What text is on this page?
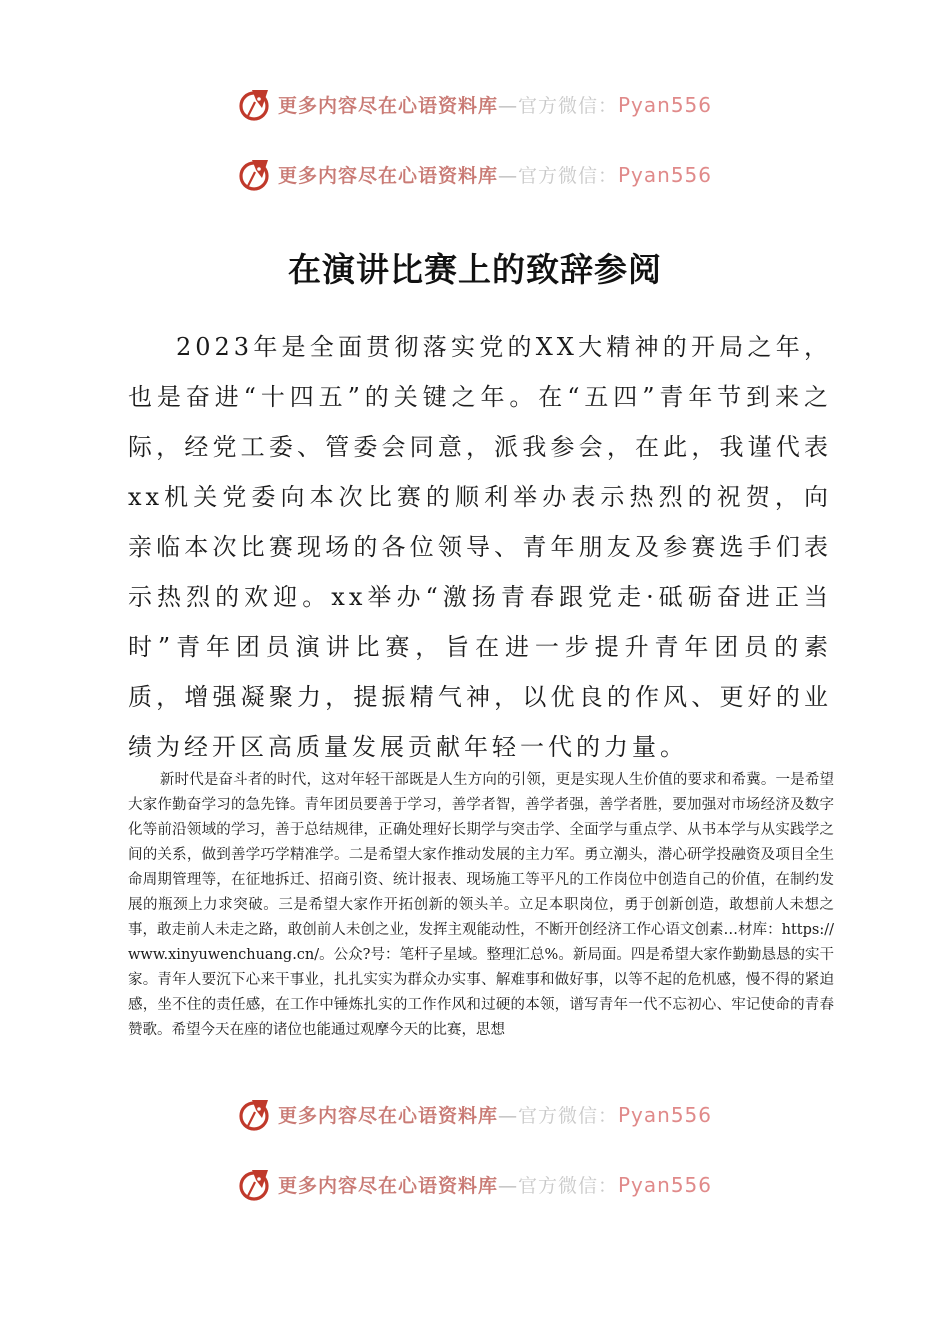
更多内容尽在心语资料库—官方微信：Pyan556
更多内容尽在心语资料库—官方微信：Pyan556
在演讲比赛上的致辞参阅

2023年是全面贯彻落实党的XX大精神的开局之年，也是奋进“十四五”的关键之年。在“五四”青年节到来之际，经党工委、管委会同意，派我参会，在此，我谨代表xx机关党委向本次比赛的顺利举办表示热烈的祝贺，向亲临本次比赛现场的各位领导、青年朋友及参赛选手们表示热烈的欢迎。xx举办“激扬青春跟党走·砥砺奋进正当时”青年团员演讲比赛，旨在进一步提升青年团员的素质，增强凝聚力，提振精气神，以优良的作风、更好的业绩为经开区高质量发展贡献年轻一代的力量。

新时代是奋斗者的时代，这对年轻干部既是人生方向的引领，更是实现人生价值的要求和希冀。一是希望大家作勤奋学习的急先锋。青年团员要善于学习，善学者智，善学者强，善学者胜，要加强对市场经济及数字化等前沿领域的学习，善于总结规律，正确处理好长期学与突击学、全面学与重点学、从书本学与从实践学之间的关系，做到善学巧学精准学。二是希望大家作推动发展的主力军。勇立潮头，潜心研学投融资及项目全生命周期管理等，在征地拆迁、招商引资、统计报表、现场施工等平凡的工作岗位中创造自己的价值，在制约发展的瓶颈上力求突破。三是希望大家作开拓创新的领头羊。立足本职岗位，勇于创新创造，敢想前人未想之事，敢走前人未走之路，敢创前人未创之业，发挥主观能动性，不断开创经济工作心语文创素…材库：https://www.xinyuwenchuang.cn/。公众?号：笔杆子星域。整理汇总%。新局面。四是希望大家作勤勤恳恳的实干家。青年人要沉下心来干事业，扎扎实实为群众办实事、解难事和做好事，以等不起的危机感，慢不得的紧迫感，坐不住的责任感，在工作中锤炼扎实的工作作风和过硬的本领，谱写青年一代不忘初心、牢记使命的青春赞歌。希望今天在座的诸位也能通过观摩今天的比赛，思想

更多内容尽在心语资料库—官方微信：Pyan556
更多内容尽在心语资料库—官方微信：Pyan556
